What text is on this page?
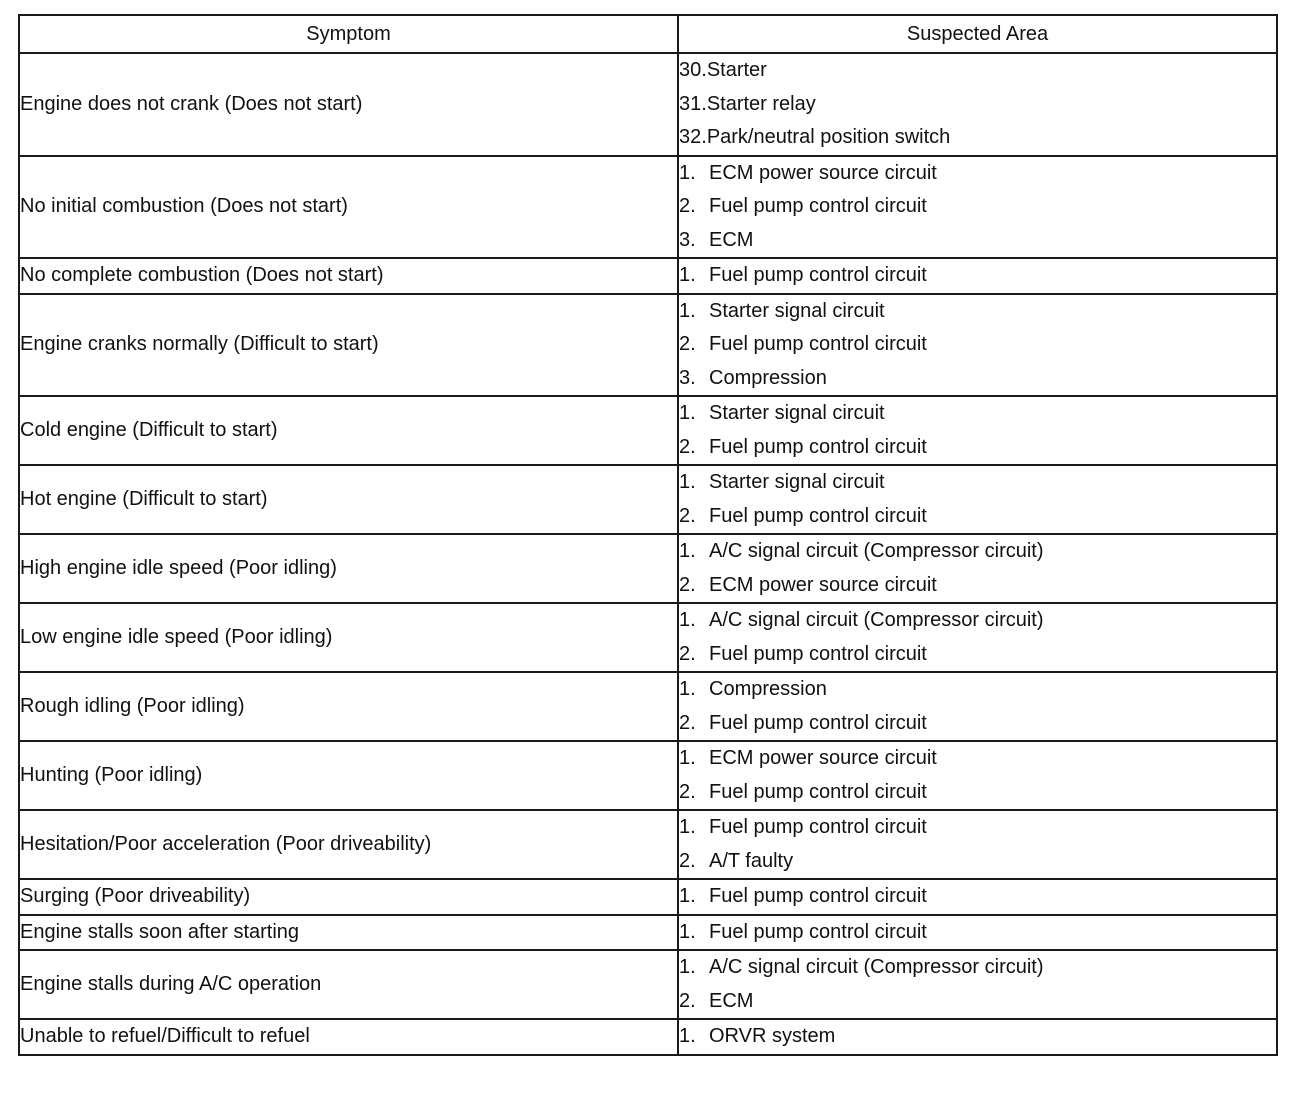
Symptom	Suspected Area
Engine does not crank (Does not start)	30.Starter
31.Starter relay
32.Park/neutral position switch

No initial combustion (Does not start)	1. ECM power source circuit
2. Fuel pump control circuit
3. ECM

No complete combustion (Does not start)	1. Fuel pump control circuit

Engine cranks normally (Difficult to start)	1. Starter signal circuit
2. Fuel pump control circuit
3. Compression

Cold engine (Difficult to start)	1. Starter signal circuit
2. Fuel pump control circuit

Hot engine (Difficult to start)	1. Starter signal circuit
2. Fuel pump control circuit

High engine idle speed (Poor idling)	1. A/C signal circuit (Compressor circuit)
2. ECM power source circuit

Low engine idle speed (Poor idling)	1. A/C signal circuit (Compressor circuit)
2. Fuel pump control circuit

Rough idling (Poor idling)	1. Compression
2. Fuel pump control circuit

Hunting (Poor idling)	1. ECM power source circuit
2. Fuel pump control circuit

Hesitation/Poor acceleration (Poor driveability)	1. Fuel pump control circuit
2. A/T faulty

Surging (Poor driveability)	1. Fuel pump control circuit

Engine stalls soon after starting	1. Fuel pump control circuit

Engine stalls during A/C operation	1. A/C signal circuit (Compressor circuit)
2. ECM

Unable to refuel/Difficult to refuel	1. ORVR system
